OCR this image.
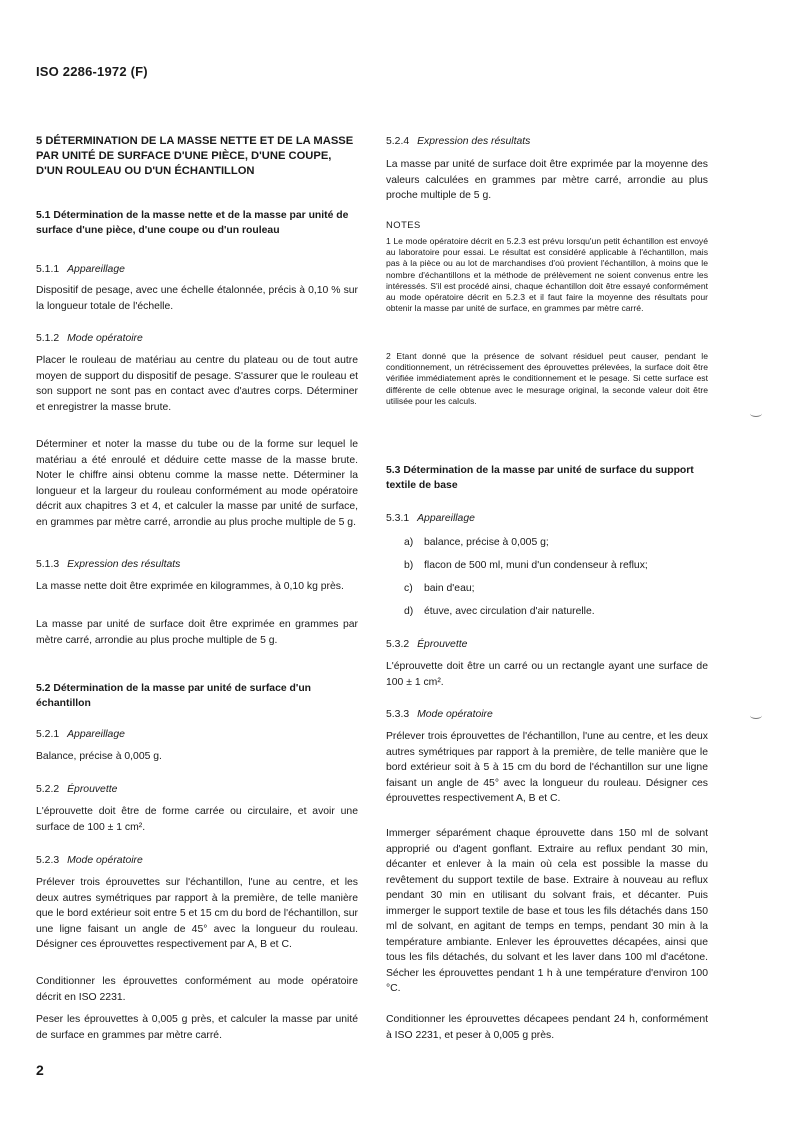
ISO 2286-1972 (F)
5 DÉTERMINATION DE LA MASSE NETTE ET DE LA MASSE PAR UNITÉ DE SURFACE D'UNE PIÈCE, D'UNE COUPE, D'UN ROULEAU OU D'UN ÉCHANTILLON
5.1 Détermination de la masse nette et de la masse par unité de surface d'une pièce, d'une coupe ou d'un rouleau
5.1.1 Appareillage

Dispositif de pesage, avec une échelle étalonnée, précis à 0,10 % sur la longueur totale de l'échelle.

5.1.2 Mode opératoire

Placer le rouleau de matériau au centre du plateau ou de tout autre moyen de support du dispositif de pesage. S'assurer que le rouleau et son support ne sont pas en contact avec d'autres corps. Déterminer et enregistrer la masse brute.

Déterminer et noter la masse du tube ou de la forme sur lequel le matériau a été enroulé et déduire cette masse de la masse brute. Noter le chiffre ainsi obtenu comme la masse nette. Déterminer la longueur et la largeur du rouleau conformément au mode opératoire décrit aux chapitres 3 et 4, et calculer la masse par unité de surface, en grammes par mètre carré, arrondie au plus proche multiple de 5 g.

5.1.3 Expression des résultats

La masse nette doit être exprimée en kilogrammes, à 0,10 kg près.

La masse par unité de surface doit être exprimée en grammes par mètre carré, arrondie au plus proche multiple de 5 g.

5.2 Détermination de la masse par unité de surface d'un échantillon
5.2.1 Appareillage

Balance, précise à 0,005 g.

5.2.2 Éprouvette

L'éprouvette doit être de forme carrée ou circulaire, et avoir une surface de 100 ± 1 cm².

5.2.3 Mode opératoire

Prélever trois éprouvettes sur l'échantillon, l'une au centre, et les deux autres symétriques par rapport à la première, de telle manière que le bord extérieur soit entre 5 et 15 cm du bord de l'échantillon, sur une ligne faisant un angle de 45° avec la longueur du rouleau. Désigner ces éprouvettes respectivement par A, B et C.

Conditionner les éprouvettes conformément au mode opératoire décrit en ISO 2231.

Peser les éprouvettes à 0,005 g près, et calculer la masse par unité de surface en grammes par mètre carré.

5.2.4 Expression des résultats

La masse par unité de surface doit être exprimée par la moyenne des valeurs calculées en grammes par mètre carré, arrondie au plus proche multiple de 5 g.

NOTES

1 Le mode opératoire décrit en 5.2.3 est prévu lorsqu'un petit échantillon est envoyé au laboratoire pour essai. Le résultat est considéré applicable à l'échantillon, mais pas à la pièce ou au lot de marchandises d'où provient l'échantillon, à moins que le nombre d'échantillons et la méthode de prélèvement ne soient convenus entre les intéressés. S'il est procédé ainsi, chaque échantillon doit être essayé conformément au mode opératoire décrit en 5.2.3 et il faut faire la moyenne des résultats pour obtenir la masse par unité de surface, en grammes par mètre carré.

2 Etant donné que la présence de solvant résiduel peut causer, pendant le conditionnement, un rétrécissement des éprouvettes prélevées, la surface doit être vérifiée immédiatement après le conditionnement et le pesage. Si cette surface est différente de celle obtenue avec le mesurage original, la seconde valeur doit être utilisée pour les calculs.

5.3 Détermination de la masse par unité de surface du support textile de base
5.3.1 Appareillage
a) balance, précise à 0,005 g;
b) flacon de 500 ml, muni d'un condenseur à reflux;
c) bain d'eau;
d) étuve, avec circulation d'air naturelle.
5.3.2 Éprouvette

L'éprouvette doit être un carré ou un rectangle ayant une surface de 100 ± 1 cm².

5.3.3 Mode opératoire

Prélever trois éprouvettes de l'échantillon, l'une au centre, et les deux autres symétriques par rapport à la première, de telle manière que le bord extérieur soit à 5 à 15 cm du bord de l'échantillon sur une ligne faisant un angle de 45° avec la longueur du rouleau. Désigner ces éprouvettes respectivement A, B et C.

Immerger séparément chaque éprouvette dans 150 ml de solvant approprié ou d'agent gonflant. Extraire au reflux pendant 30 min, décanter et enlever à la main où cela est possible la masse du revêtement du support textile de base. Extraire à nouveau au reflux pendant 30 min en utilisant du solvant frais, et décanter. Puis immerger le support textile de base et tous les fils détachés dans 150 ml de solvant, en agitant de temps en temps, pendant 30 min à la température ambiante. Enlever les éprouvettes décapées, ainsi que tous les fils détachés, du solvant et les laver dans 100 ml d'acétone. Sécher les éprouvettes pendant 1 h à une température d'environ 100 °C.

Conditionner les éprouvettes décapees pendant 24 h, conformément à ISO 2231, et peser à 0,005 g près.

2
